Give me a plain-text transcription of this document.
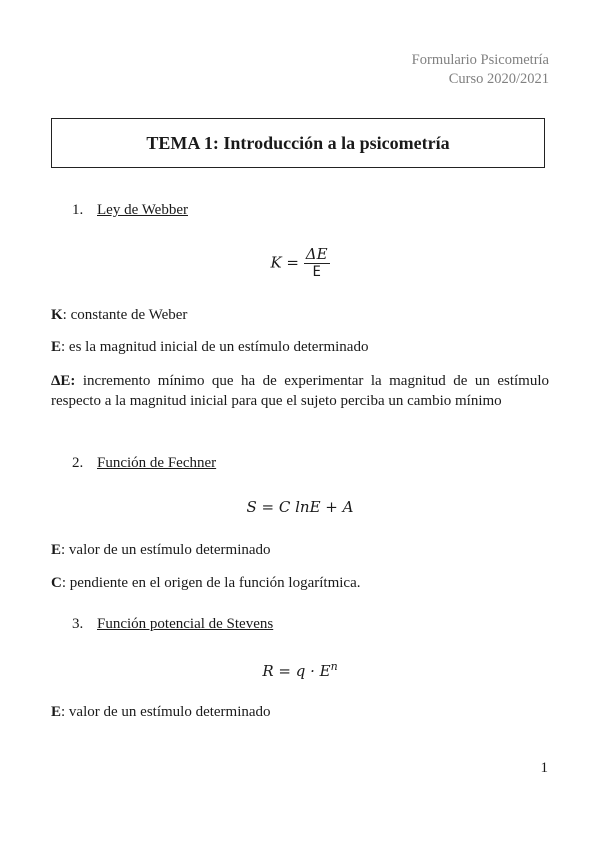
Formulario Psicometría
Curso 2020/2021
TEMA 1: Introducción a la psicometría
1. Ley de Webber
$K = \frac{\Delta E}{E}$
K: constante de Weber
E: es la magnitud inicial de un estímulo determinado
ΔE: incremento mínimo que ha de experimentar la magnitud de un estímulo respecto a la magnitud inicial para que el sujeto perciba un cambio mínimo
2. Función de Fechner
S = C lnE + A
E: valor de un estímulo determinado
C: pendiente en el origen de la función logarítmica.
3. Función potencial de Stevens
$R = q \cdot E^n$
E: valor de un estímulo determinado
1
